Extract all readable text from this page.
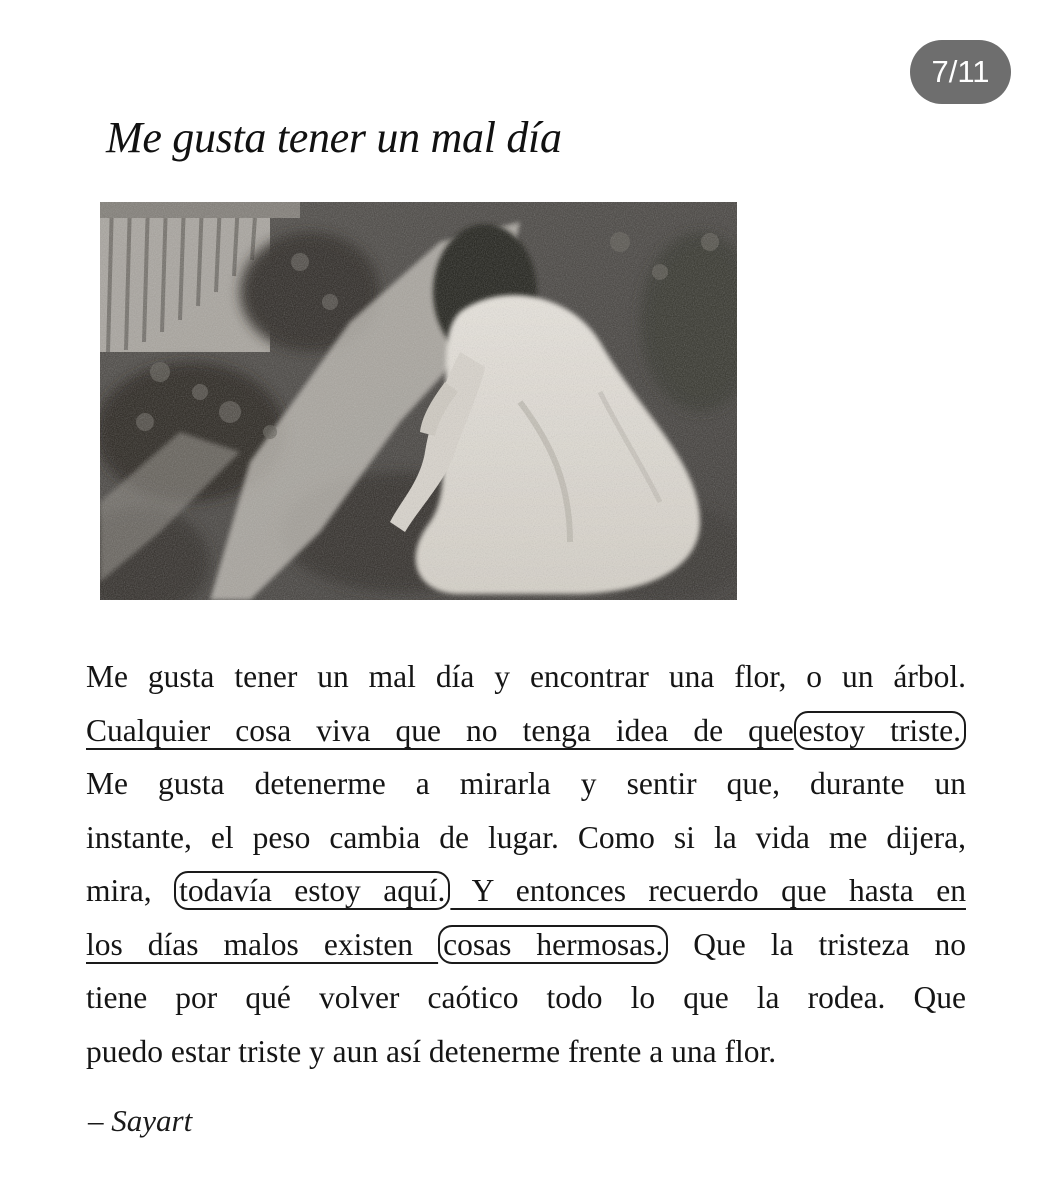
7/11
Me gusta tener un mal día
Me gusta tener un mal día y encontrar una flor, o un árbol.
Cualquier cosa viva que no tenga idea de que estoy triste.
Me gusta detenerme a mirarla y sentir que, durante un
instante, el peso cambia de lugar. Como si la vida me dijera,
mira, todavía estoy aquí. Y entonces recuerdo que hasta en
los días malos existen cosas hermosas. Que la tristeza no
tiene por qué volver caótico todo lo que la rodea. Que
puedo estar triste y aun así detenerme frente a una flor.

– Sayart
